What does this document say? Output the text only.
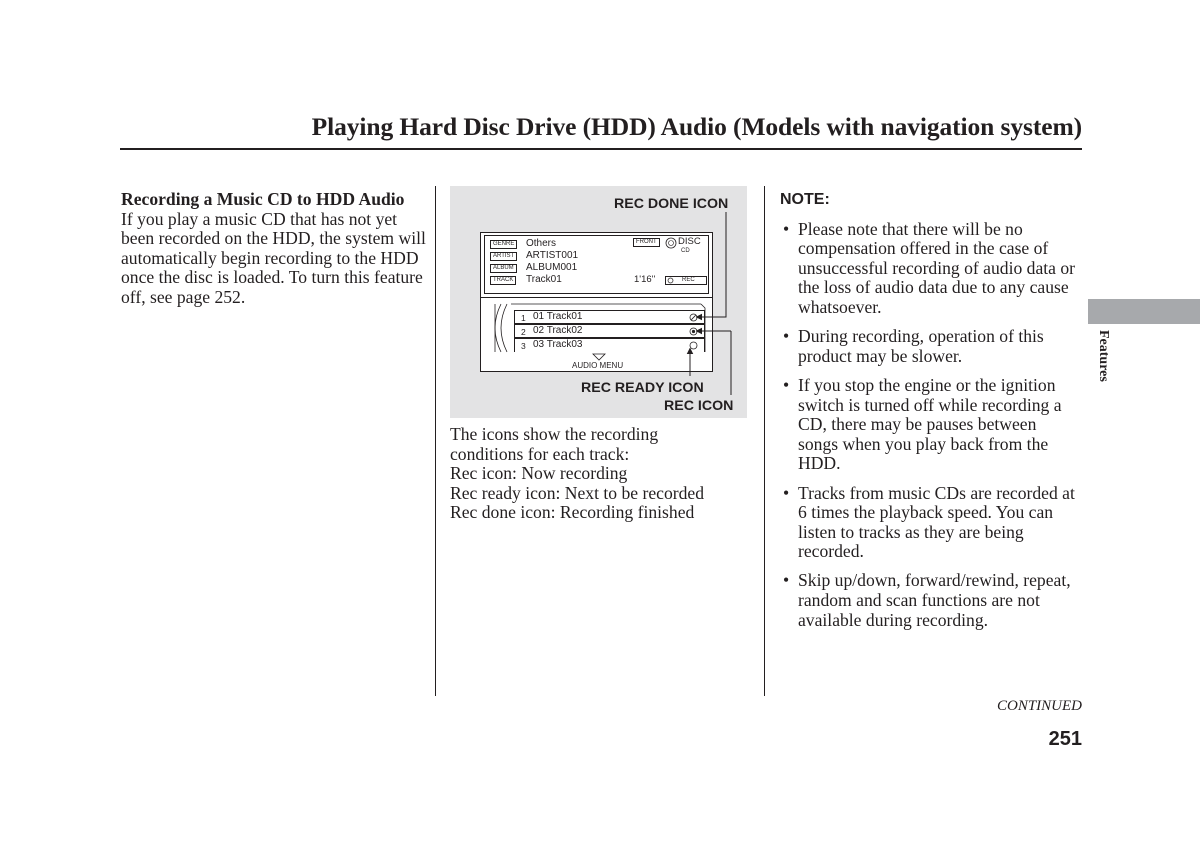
Playing Hard Disc Drive (HDD) Audio (Models with navigation system)
Recording a Music CD to HDD Audio
If you play a music CD that has not yet been recorded on the HDD, the system will automatically begin recording to the HDD once the disc is loaded. To turn this feature off, see page 252.
REC DONE ICON
GENRE	Others
ARTIST	ARTIST001
ALBUM	ALBUM001
TRACK	Track01
FRONT	DISC
CD
1'16''	REC
1 01 Track01
2 02 Track02
3 03 Track03
AUDIO MENU
REC READY ICON
REC ICON
The icons show the recording
conditions for each track:
Rec icon: Now recording
Rec ready icon: Next to be recorded
Rec done icon: Recording finished
NOTE:
• Please note that there will be no compensation offered in the case of unsuccessful recording of audio data or the loss of audio data due to any cause whatsoever.
• During recording, operation of this product may be slower.
• If you stop the engine or the ignition switch is turned off while recording a CD, there may be pauses between songs when you play back from the HDD.
• Tracks from music CDs are recorded at 6 times the playback speed. You can listen to tracks as they are being recorded.
• Skip up/down, forward/rewind, repeat, random and scan functions are not available during recording.
Features
CONTINUED
251
